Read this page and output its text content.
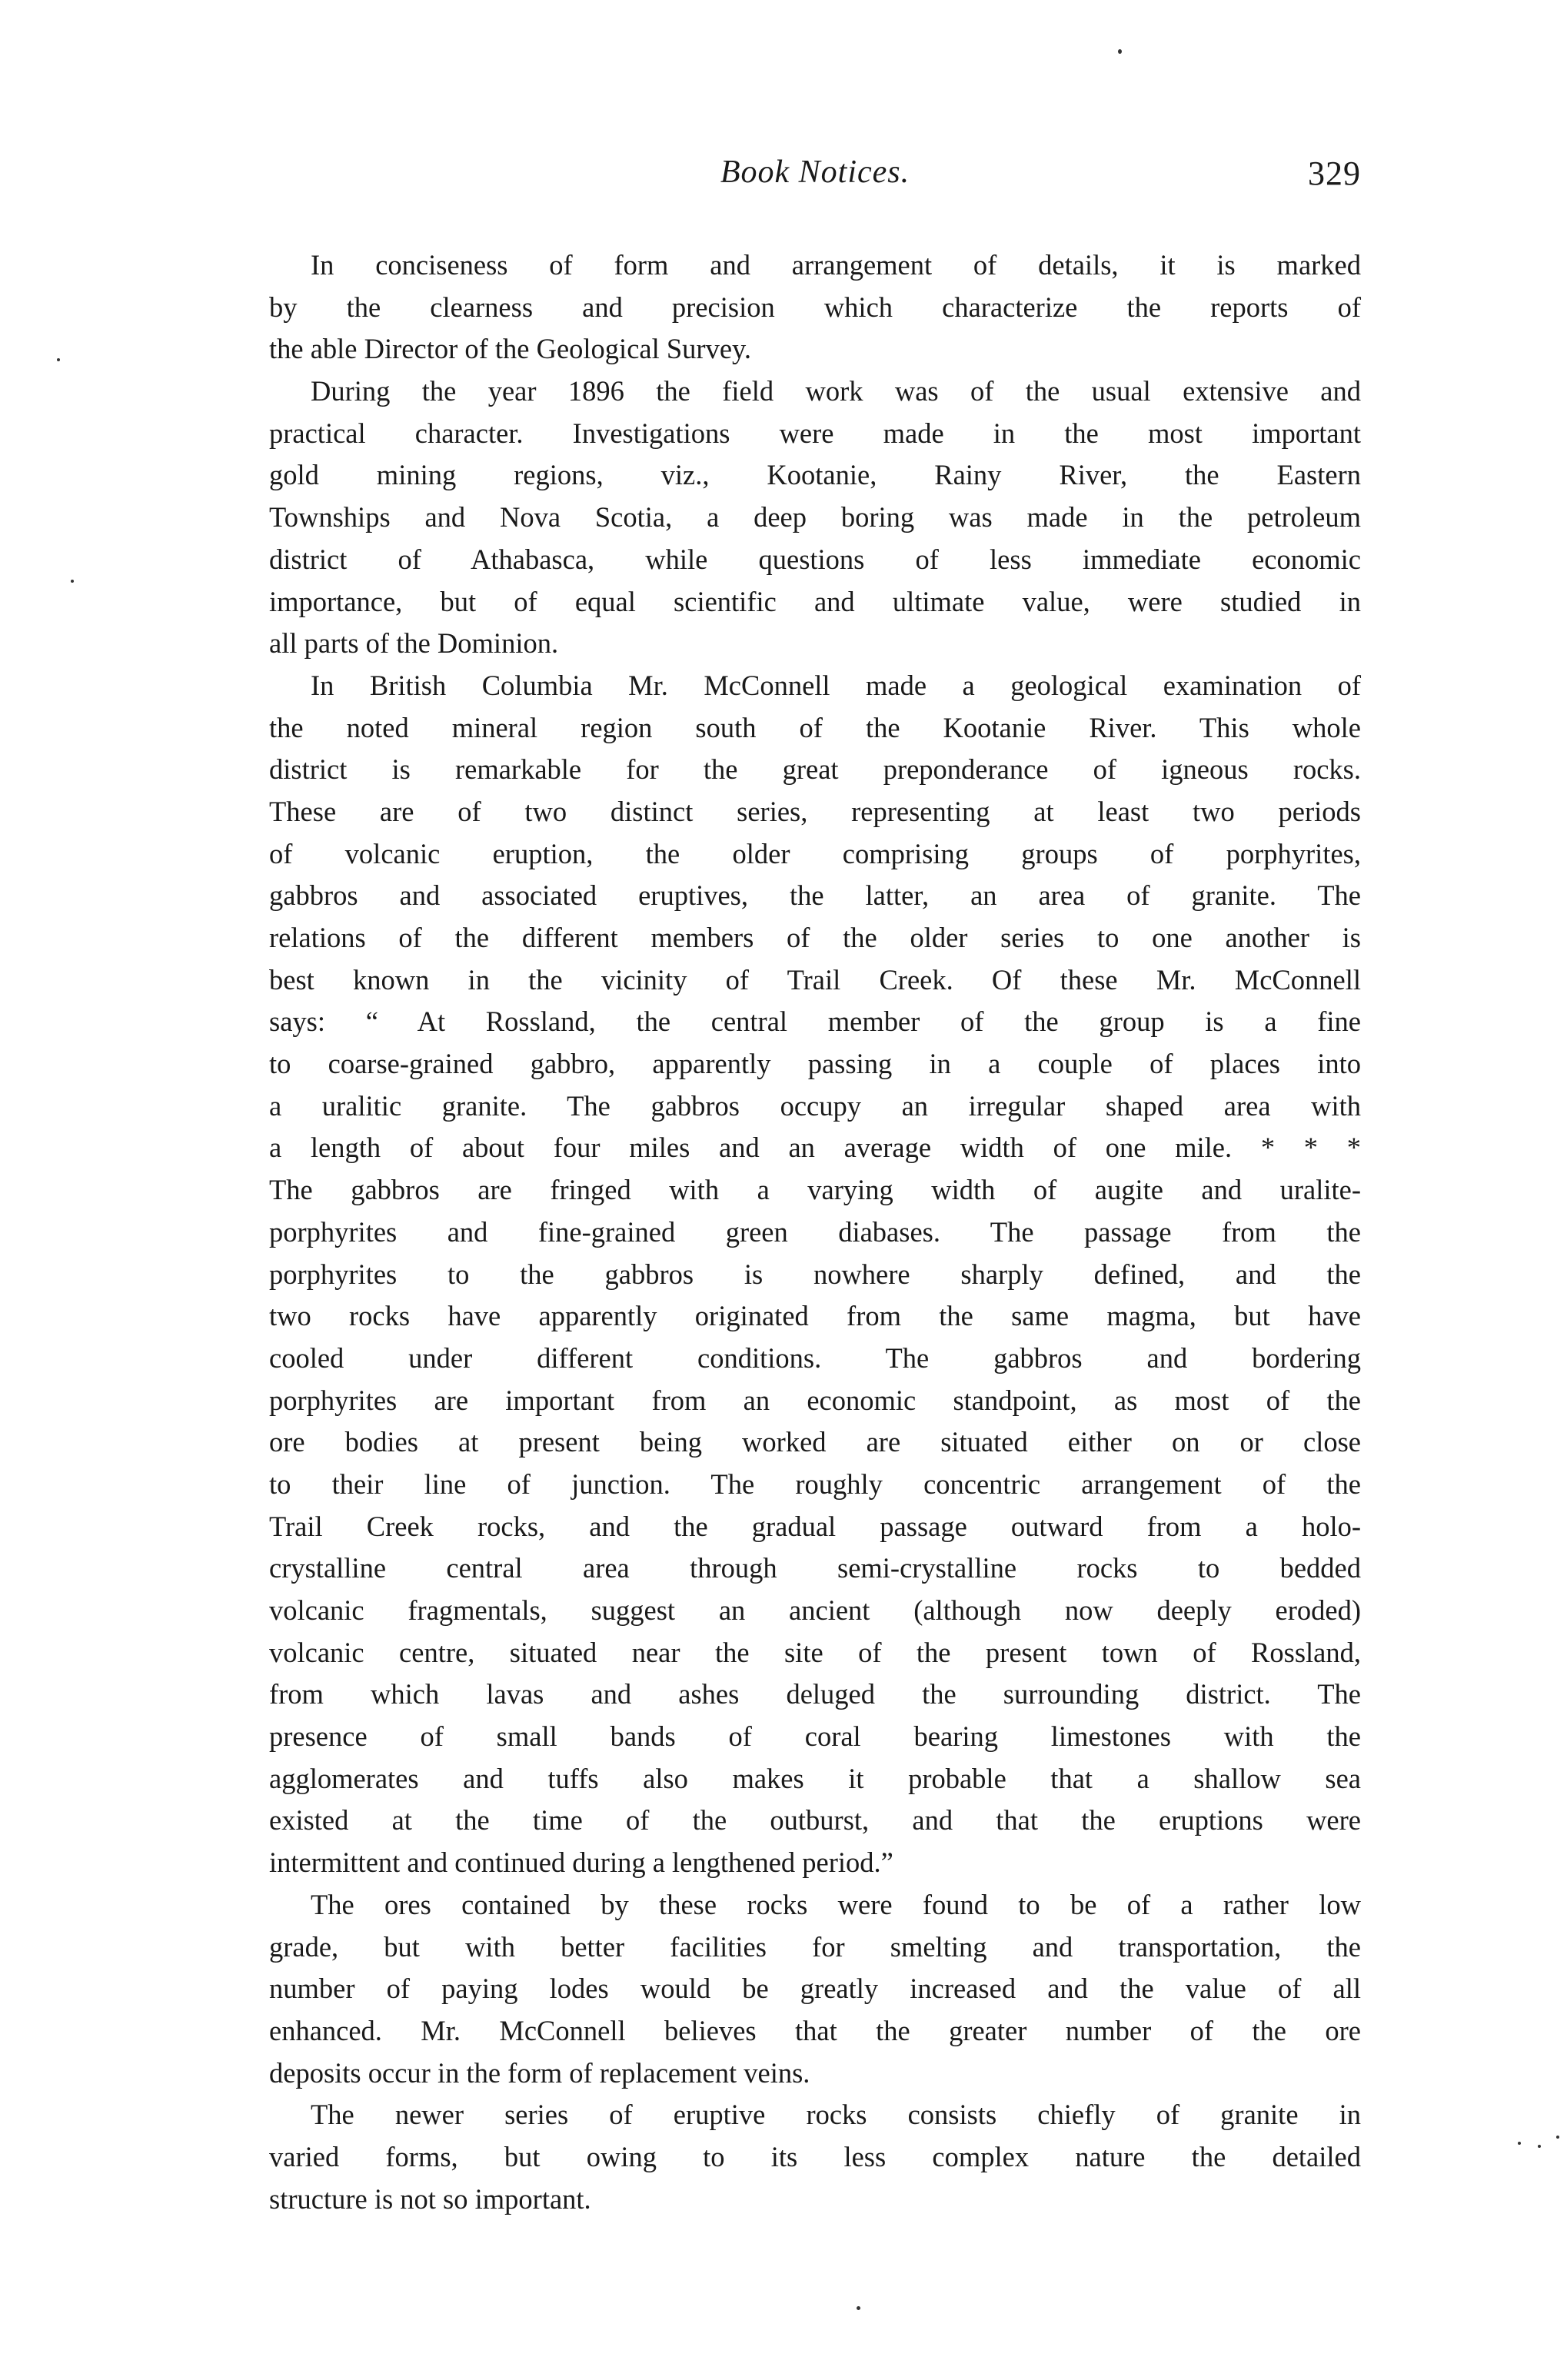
Book Notices.	329
In conciseness of form and arrangement of details, it is marked
by the clearness and precision which characterize the reports of
the able Director of the Geological Survey.
During the year 1896 the field work was of the usual extensive and
practical character. Investigations were made in the most important
gold mining regions, viz., Kootanie, Rainy River, the Eastern
Townships and Nova Scotia, a deep boring was made in the petroleum
district of Athabasca, while questions of less immediate economic
importance, but of equal scientific and ultimate value, were studied in
all parts of the Dominion.
In British Columbia Mr. McConnell made a geological examination of
the noted mineral region south of the Kootanie River. This whole
district is remarkable for the great preponderance of igneous rocks.
These are of two distinct series, representing at least two periods
of volcanic eruption, the older comprising groups of porphyrites,
gabbros and associated eruptives, the latter, an area of granite. The
relations of the different members of the older series to one another is
best known in the vicinity of Trail Creek. Of these Mr. McConnell
says: “ At Rossland, the central member of the group is a fine
to coarse-grained gabbro, apparently passing in a couple of places into
a uralitic granite. The gabbros occupy an irregular shaped area with
a length of about four miles and an average width of one mile. * * *
The gabbros are fringed with a varying width of augite and uralite-
porphyrites and fine-grained green diabases. The passage from the
porphyrites to the gabbros is nowhere sharply defined, and the
two rocks have apparently originated from the same magma, but have
cooled under different conditions. The gabbros and bordering
porphyrites are important from an economic standpoint, as most of the
ore bodies at present being worked are situated either on or close
to their line of junction. The roughly concentric arrangement of the
Trail Creek rocks, and the gradual passage outward from a holo-
crystalline central area through semi-crystalline rocks to bedded
volcanic fragmentals, suggest an ancient (although now deeply eroded)
volcanic centre, situated near the site of the present town of Rossland,
from which lavas and ashes deluged the surrounding district. The
presence of small bands of coral bearing limestones with the
agglomerates and tuffs also makes it probable that a shallow sea
existed at the time of the outburst, and that the eruptions were
intermittent and continued during a lengthened period.”
The ores contained by these rocks were found to be of a rather low
grade, but with better facilities for smelting and transportation, the
number of paying lodes would be greatly increased and the value of all
enhanced. Mr. McConnell believes that the greater number of the ore
deposits occur in the form of replacement veins.
The newer series of eruptive rocks consists chiefly of granite in
varied forms, but owing to its less complex nature the detailed
structure is not so important.
